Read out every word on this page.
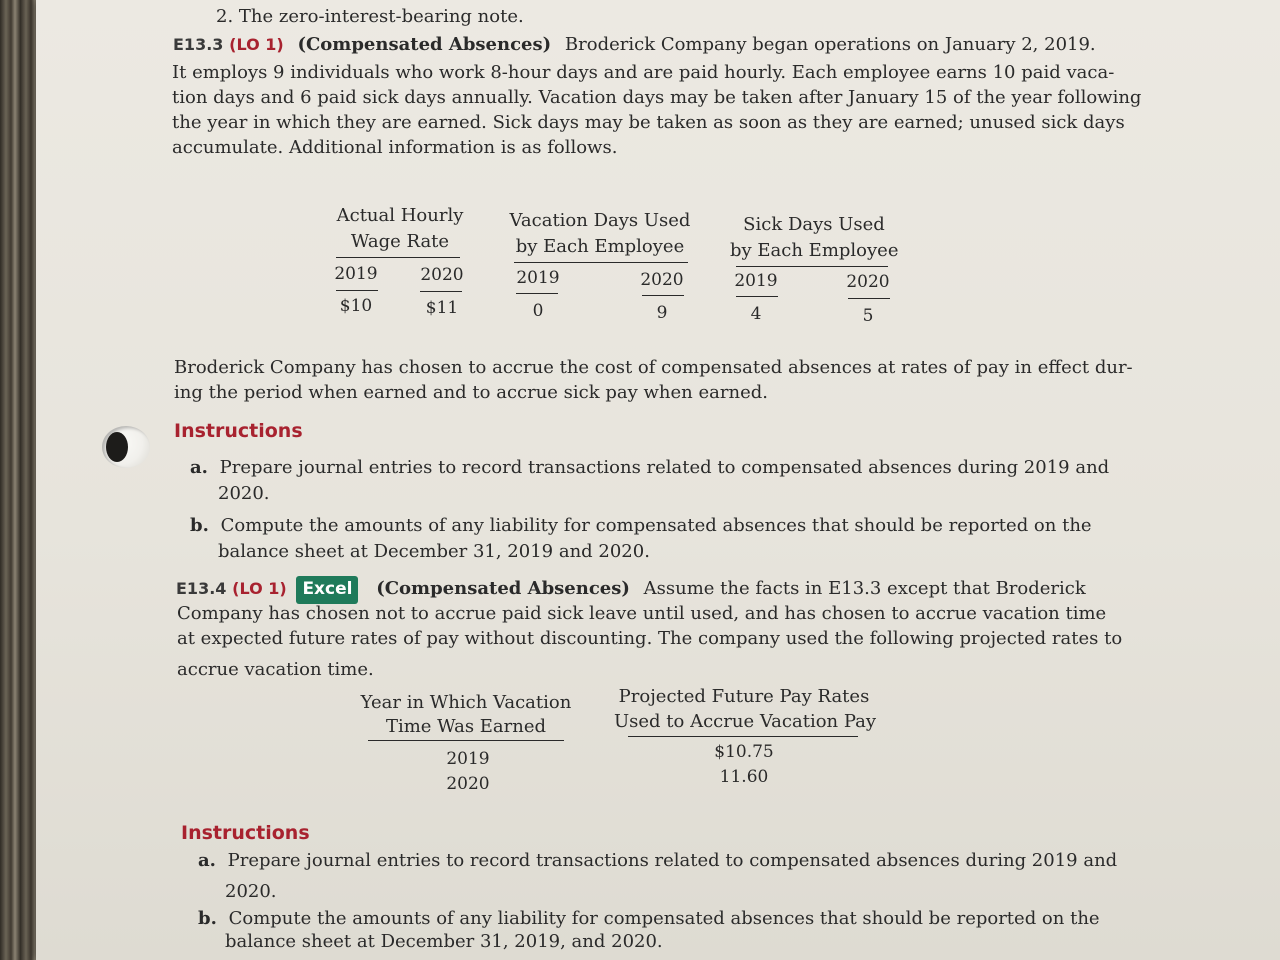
2. The zero-interest-bearing note.
E13.3 (LO 1) (Compensated Absences) Broderick Company began operations on January 2, 2019.
It employs 9 individuals who work 8-hour days and are paid hourly. Each employee earns 10 paid vaca-
tion days and 6 paid sick days annually. Vacation days may be taken after January 15 of the year following
the year in which they are earned. Sick days may be taken as soon as they are earned; unused sick days
accumulate. Additional information is as follows.
Actual Hourly
Wage Rate
2019	2020
$10	$11
Vacation Days Used
by Each Employee
2019	2020
0	9
Sick Days Used
by Each Employee
2019	2020
4	5
Broderick Company has chosen to accrue the cost of compensated absences at rates of pay in effect dur-
ing the period when earned and to accrue sick pay when earned.
Instructions
a. Prepare journal entries to record transactions related to compensated absences during 2019 and
2020.
b. Compute the amounts of any liability for compensated absences that should be reported on the
balance sheet at December 31, 2019 and 2020.
E13.4 (LO 1) Excel (Compensated Absences) Assume the facts in E13.3 except that Broderick
Company has chosen not to accrue paid sick leave until used, and has chosen to accrue vacation time
at expected future rates of pay without discounting. The company used the following projected rates to
accrue vacation time.
Year in Which Vacation
Time Was Earned
Projected Future Pay Rates
Used to Accrue Vacation Pay
2019	$10.75
2020	11.60
Instructions
a. Prepare journal entries to record transactions related to compensated absences during 2019 and
2020.
b. Compute the amounts of any liability for compensated absences that should be reported on the
balance sheet at December 31, 2019, and 2020.
